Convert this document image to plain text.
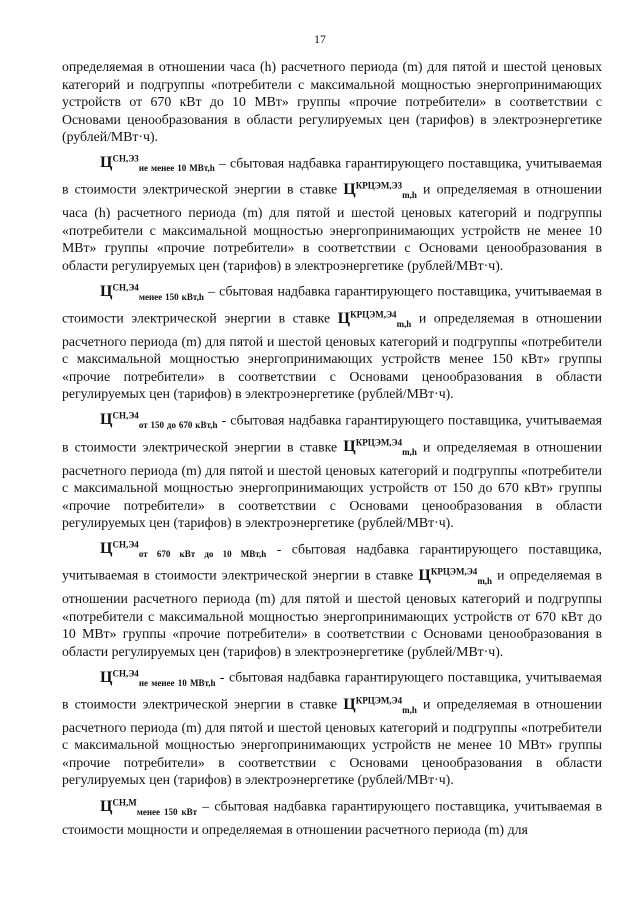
17

определяемая в отношении часа (h) расчетного периода (m) для пятой и шестой ценовых категорий и подгруппы «потребители с максимальной мощностью энергопринимающих устройств от 670 кВт до 10 МВт» группы «прочие потребители» в соответствии с Основами ценообразования в области регулируемых цен (тарифов) в электроэнергетике (рублей/МВт·ч).

$Ц^{СН,Э3}_{не менее 10 МВт,h}$ – сбытовая надбавка гарантирующего поставщика, учитываемая в стоимости электрической энергии в ставке $Ц^{КРЦЭМ,Э3}_{m,h}$ и определяемая в отношении часа (h) расчетного периода (m) для пятой и шестой ценовых категорий и подгруппы «потребители с максимальной мощностью энергопринимающих устройств не менее 10 МВт» группы «прочие потребители» в соответствии с Основами ценообразования в области регулируемых цен (тарифов) в электроэнергетике (рублей/МВт·ч).

$Ц^{СН,Э4}_{менее 150 кВт,h}$ – сбытовая надбавка гарантирующего поставщика, учитываемая в стоимости электрической энергии в ставке $Ц^{КРЦЭМ,Э4}_{m,h}$ и определяемая в отношении расчетного периода (m) для пятой и шестой ценовых категорий и подгруппы «потребители с максимальной мощностью энергопринимающих устройств менее 150 кВт» группы «прочие потребители» в соответствии с Основами ценообразования в области регулируемых цен (тарифов) в электроэнергетике (рублей/МВт·ч).

$Ц^{СН,Э4}_{от 150 до 670 кВт,h}$ - сбытовая надбавка гарантирующего поставщика, учитываемая в стоимости электрической энергии в ставке $Ц^{КРЦЭМ,Э4}_{m,h}$ и определяемая в отношении расчетного периода (m) для пятой и шестой ценовых категорий и подгруппы «потребители с максимальной мощностью энергопринимающих устройств от 150 до 670 кВт» группы «прочие потребители» в соответствии с Основами ценообразования в области регулируемых цен (тарифов) в электроэнергетике (рублей/МВт·ч).

$Ц^{СН,Э4}_{от 670 кВт до 10 МВт,h}$ - сбытовая надбавка гарантирующего поставщика, учитываемая в стоимости электрической энергии в ставке $Ц^{КРЦЭМ,Э4}_{m,h}$ и определяемая в отношении расчетного периода (m) для пятой и шестой ценовых категорий и подгруппы «потребители с максимальной мощностью энергопринимающих устройств от 670 кВт до 10 МВт» группы «прочие потребители» в соответствии с Основами ценообразования в области регулируемых цен (тарифов) в электроэнергетике (рублей/МВт·ч).

$Ц^{СН,Э4}_{не менее 10 МВт,h}$ - сбытовая надбавка гарантирующего поставщика, учитываемая в стоимости электрической энергии в ставке $Ц^{КРЦЭМ,Э4}_{m,h}$ и определяемая в отношении расчетного периода (m) для пятой и шестой ценовых категорий и подгруппы «потребители с максимальной мощностью энергопринимающих устройств не менее 10 МВт» группы «прочие потребители» в соответствии с Основами ценообразования в области регулируемых цен (тарифов) в электроэнергетике (рублей/МВт·ч).

$Ц^{СН,М}_{менее 150 кВт}$ – сбытовая надбавка гарантирующего поставщика, учитываемая в стоимости мощности и определяемая в отношении расчетного периода (m) для
